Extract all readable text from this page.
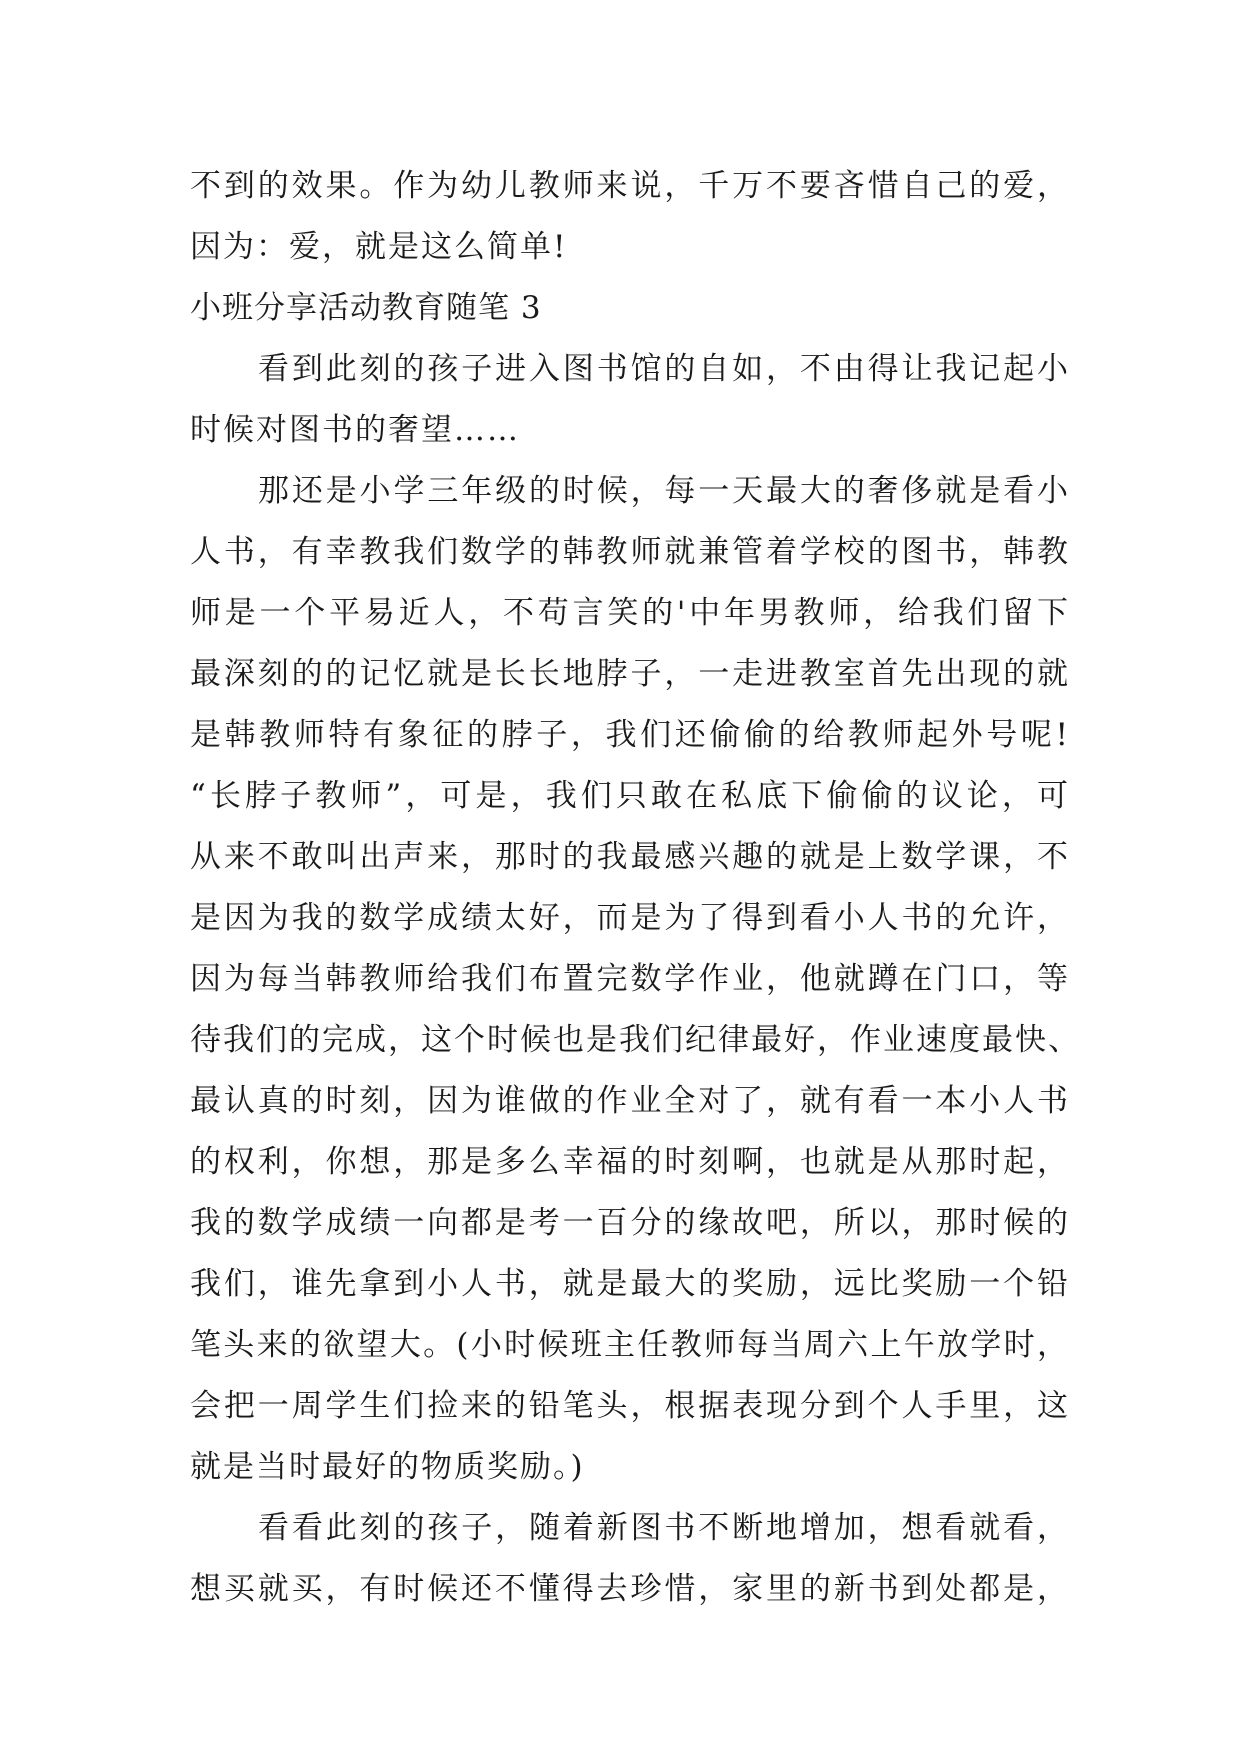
不到的效果。作为幼儿教师来说，千万不要吝惜自己的爱，
因为：爱，就是这么简单!
小班分享活动教育随笔 3
看到此刻的孩子进入图书馆的自如，不由得让我记起小
时候对图书的奢望……
那还是小学三年级的时候，每一天最大的奢侈就是看小
人书，有幸教我们数学的韩教师就兼管着学校的图书，韩教
师是一个平易近人，不苟言笑的'中年男教师，给我们留下
最深刻的的记忆就是长长地脖子，一走进教室首先出现的就
是韩教师特有象征的脖子，我们还偷偷的给教师起外号呢!
“长脖子教师”，可是，我们只敢在私底下偷偷的议论，可
从来不敢叫出声来，那时的我最感兴趣的就是上数学课，不
是因为我的数学成绩太好，而是为了得到看小人书的允许，
因为每当韩教师给我们布置完数学作业，他就蹲在门口，等
待我们的完成，这个时候也是我们纪律最好，作业速度最快、
最认真的时刻，因为谁做的作业全对了，就有看一本小人书
的权利，你想，那是多么幸福的时刻啊，也就是从那时起，
我的数学成绩一向都是考一百分的缘故吧，所以，那时候的
我们，谁先拿到小人书，就是最大的奖励，远比奖励一个铅
笔头来的欲望大。(小时候班主任教师每当周六上午放学时，
会把一周学生们捡来的铅笔头，根据表现分到个人手里，这
就是当时最好的物质奖励。)
看看此刻的孩子，随着新图书不断地增加，想看就看，
想买就买，有时候还不懂得去珍惜，家里的新书到处都是，
